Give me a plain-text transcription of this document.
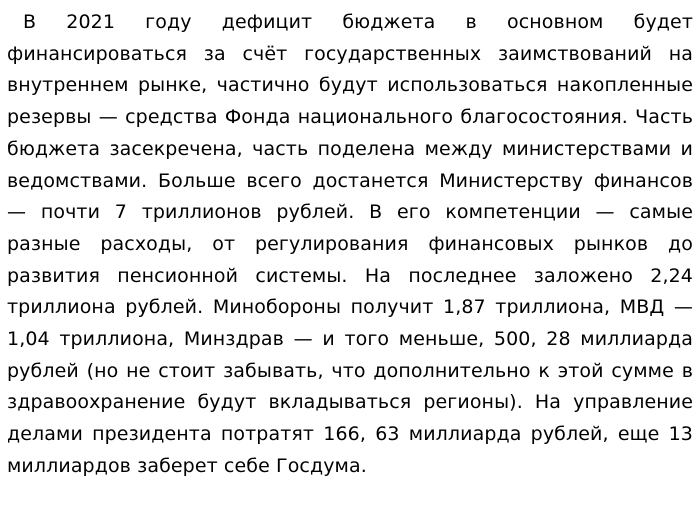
В 2021 году дефицит бюджета в основном будет финансироваться за счёт государственных заимствований на внутреннем рынке, частично будут использоваться накопленные резервы — средства Фонда национального благосостояния. Часть бюджета засекречена, часть поделена между министерствами и ведомствами. Больше всего достанется Министерству финансов — почти 7 триллионов рублей. В его компетенции — самые разные расходы, от регулирования финансовых рынков до развития пенсионной системы. На последнее заложено 2,24 триллиона рублей. Минобороны получит 1,87 триллиона, МВД — 1,04 триллиона, Минздрав — и того меньше, 500, 28 миллиарда рублей (но не стоит забывать, что дополнительно к этой сумме в здравоохранение будут вкладываться регионы). На управление делами президента потратят 166, 63 миллиарда рублей, еще 13 миллиардов заберет себе Госдума.
